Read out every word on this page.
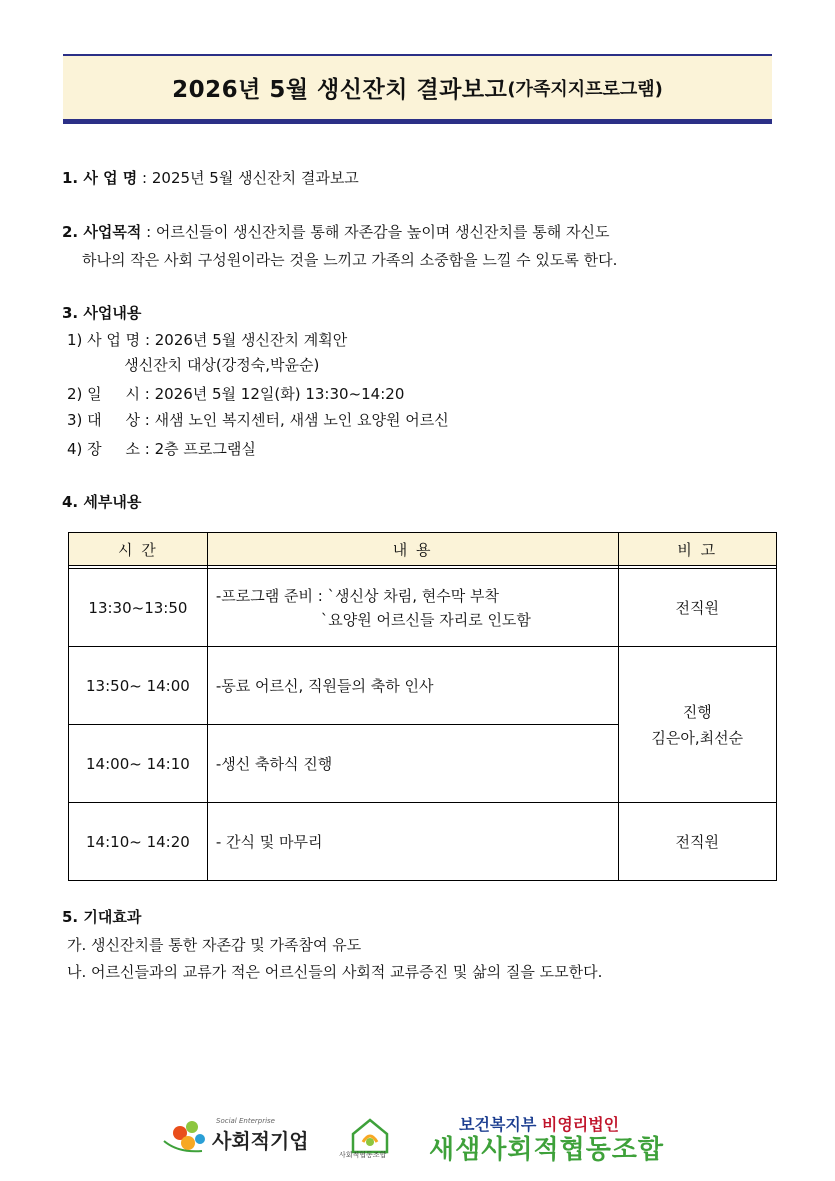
2026년 5월 생신잔치 결과보고 (가족지지프로그램)
1. 사 업 명 : 2025년 5월 생신잔치 결과보고
2. 사업목적 : 어르신들이 생신잔치를 통해 자존감을 높이며 생신잔치를 통해 자신도
하나의 작은 사회 구성원이라는 것을 느끼고 가족의 소중함을 느낄 수 있도록 한다.
3. 사업내용
1) 사 업 명 : 2026년 5월 생신잔치 계획안
생신잔치 대상(강정숙,박윤순)
2) 일     시 : 2026년 5월 12일(화) 13:30~14:20
3) 대     상 : 새샘 노인 복지센터, 새샘 노인 요양원 어르신
4) 장     소 : 2층 프로그램실
4. 세부내용
시 간	내 용	비 고

13:30~13:50	-프로그램 준비 : `생신상 차림, 현수막 부착
`요양원 어르신들 자리로 인도함	전직원
13:50~ 14:00	-동료 어르신, 직원들의 축하 인사	진행
김은아,최선순

14:00~ 14:10	-생신 축하식 진행	
14:10~ 14:20	- 간식 및 마무리	전직원
5. 기대효과
가. 생신잔치를 통한 자존감 및 가족참여 유도
나. 어르신들과의 교류가 적은 어르신들의 사회적 교류증진 및 삶의 질을 도모한다.
Social Enterprise
사회적기업
사회적협동조합
보건복지부 비영리법인
새샘사회적협동조합
